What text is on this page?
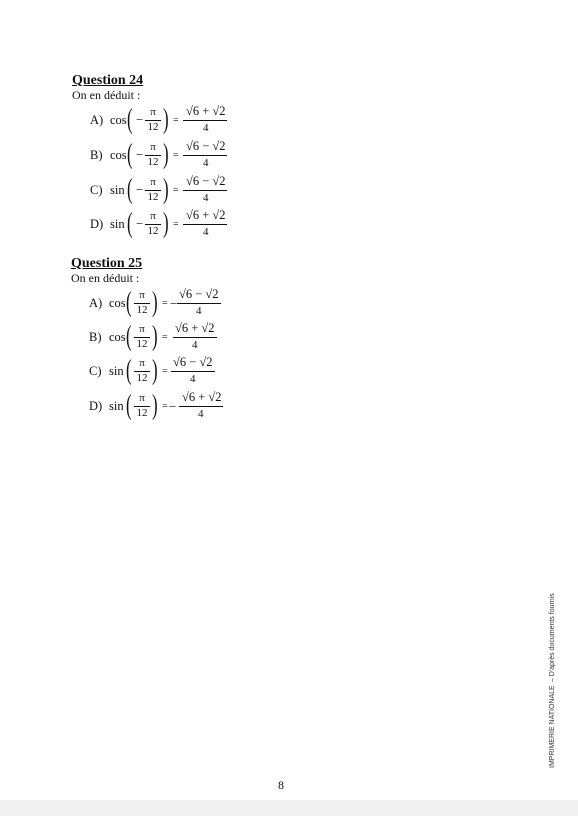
Question 24
On en déduit :
A) cos ( − π
12 ) =
√6 + √2
4
B) cos ( − π
12 ) =
√6 − √2
4
C) sin ( − π
12 ) =
√6 − √2
4
D) sin ( − π
12 ) =
√6 + √2
4
Question 25
On en déduit :
A) cos ( π
12 ) = −
√6 − √2
4
B) cos ( π
12 ) =
√6 + √2
4
C) sin ( π
12 ) =
√6 − √2
4
D) sin ( π
12 ) = −
√6 + √2
4
8
IMPRIMERIE NATIONALE – D'après documents fournis
